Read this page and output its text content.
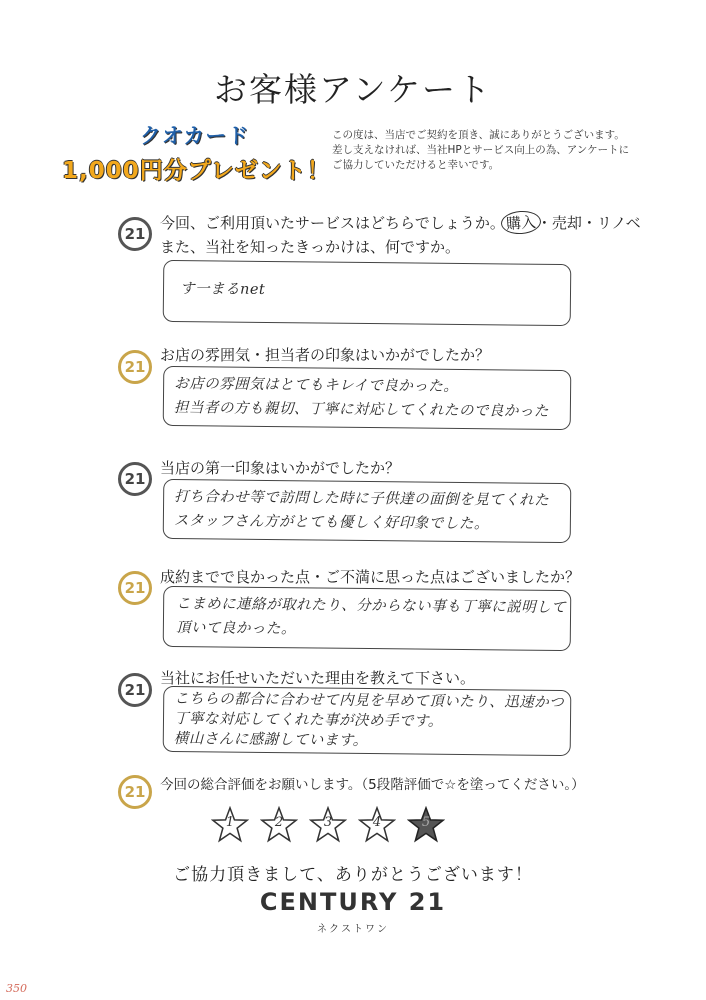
お客様アンケート
クオカード
1,000円分プレゼント！
この度は、当店でご契約を頂き、誠にありがとうございます。
差し支えなければ、当社HPとサービス向上の為、アンケートに
ご協力していただけると幸いです。
21
今回、ご利用頂いたサービスはどちらでしょうか。購入・売却・リノベ
また、当社を知ったきっかけは、何ですか。
す一まるnet
21
お店の雰囲気・担当者の印象はいかがでしたか？
お店の雰囲気はとてもキレイで良かった。
担当者の方も親切、丁寧に対応してくれたので良かった
21
当店の第一印象はいかがでしたか？
打ち合わせ等で訪問した時に子供達の面倒を見てくれた
スタッフさん方がとても優しく好印象でした。
21
成約までで良かった点・ご不満に思った点はございましたか？
こまめに連絡が取れたり、分からない事も丁寧に説明して
頂いて良かった。
21
当社にお任せいただいた理由を教えて下さい。
こちらの都合に合わせて内見を早めて頂いたり、迅速かつ
丁寧な対応してくれた事が決め手です。
横山さんに感謝しています。
21 今回の総合評価をお願いします。（5段階評価で☆を塗ってください。）
1	2	3	4	5
ご協力頂きまして、ありがとうございます！
CENTURY 21
ネクストワン
350
